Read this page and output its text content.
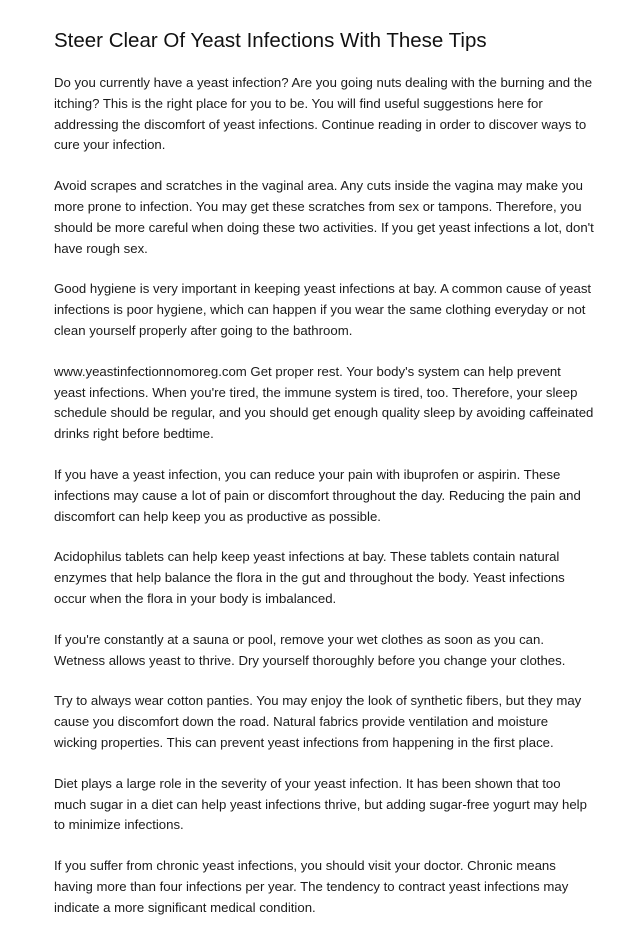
Steer Clear Of Yeast Infections With These Tips

Do you currently have a yeast infection? Are you going nuts dealing with the burning and the itching? This is the right place for you to be. You will find useful suggestions here for addressing the discomfort of yeast infections. Continue reading in order to discover ways to cure your infection.

Avoid scrapes and scratches in the vaginal area. Any cuts inside the vagina may make you more prone to infection. You may get these scratches from sex or tampons. Therefore, you should be more careful when doing these two activities. If you get yeast infections a lot, don't have rough sex.

Good hygiene is very important in keeping yeast infections at bay. A common cause of yeast infections is poor hygiene, which can happen if you wear the same clothing everyday or not clean yourself properly after going to the bathroom.

www.yeastinfectionnomoreg.com Get proper rest. Your body's system can help prevent yeast infections. When you're tired, the immune system is tired, too. Therefore, your sleep schedule should be regular, and you should get enough quality sleep by avoiding caffeinated drinks right before bedtime.

If you have a yeast infection, you can reduce your pain with ibuprofen or aspirin. These infections may cause a lot of pain or discomfort throughout the day. Reducing the pain and discomfort can help keep you as productive as possible.

Acidophilus tablets can help keep yeast infections at bay. These tablets contain natural enzymes that help balance the flora in the gut and throughout the body. Yeast infections occur when the flora in your body is imbalanced.

If you're constantly at a sauna or pool, remove your wet clothes as soon as you can. Wetness allows yeast to thrive. Dry yourself thoroughly before you change your clothes.

Try to always wear cotton panties. You may enjoy the look of synthetic fibers, but they may cause you discomfort down the road. Natural fabrics provide ventilation and moisture wicking properties. This can prevent yeast infections from happening in the first place.

Diet plays a large role in the severity of your yeast infection. It has been shown that too much sugar in a diet can help yeast infections thrive, but adding sugar-free yogurt may help to minimize infections.

If you suffer from chronic yeast infections, you should visit your doctor. Chronic means having more than four infections per year. The tendency to contract yeast infections may indicate a more significant medical condition.
